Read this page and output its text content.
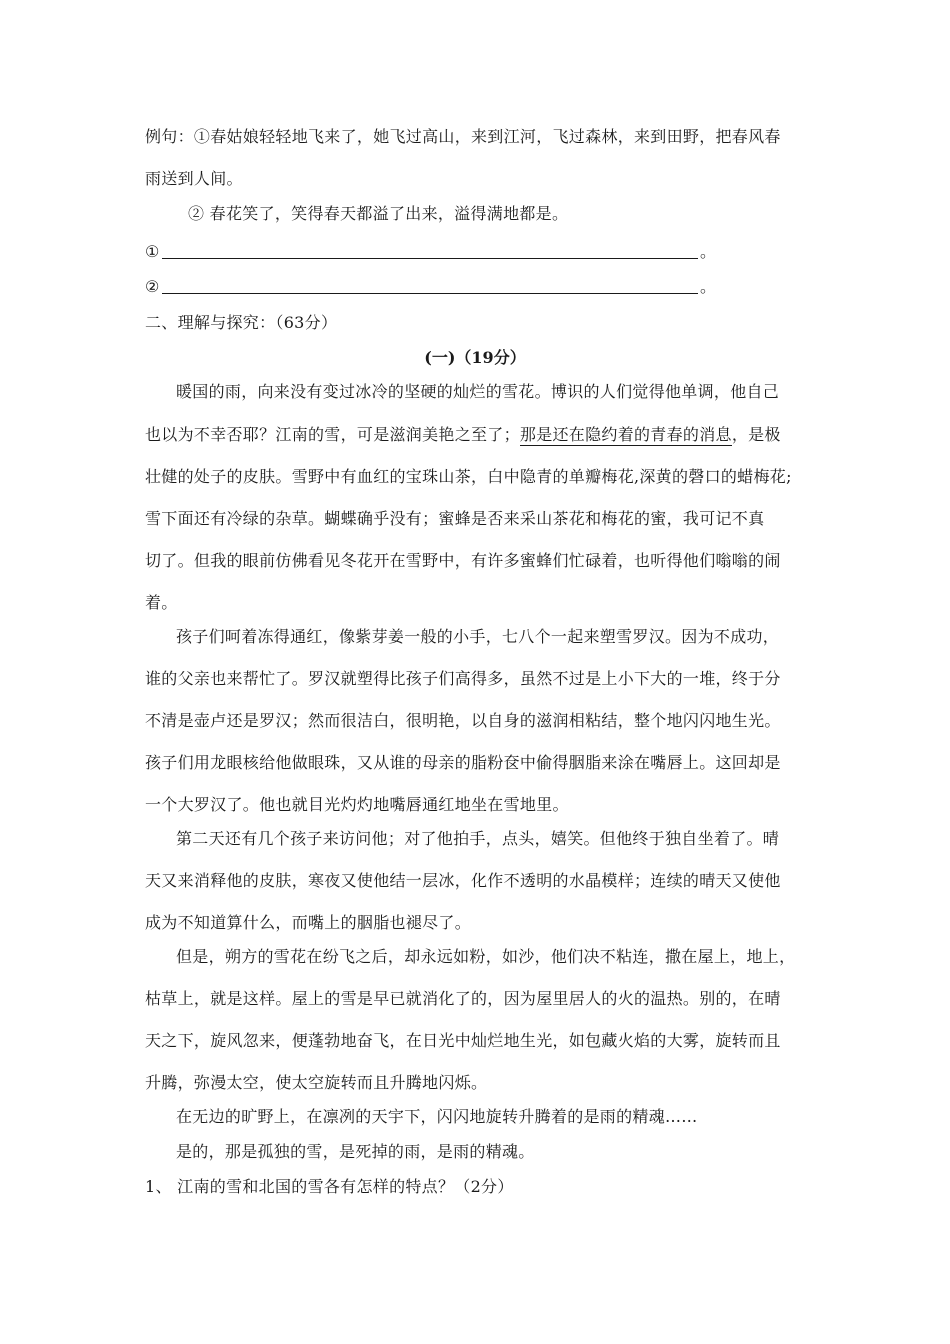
例句：①春姑娘轻轻地飞来了，她飞过高山，来到江河，飞过森林，来到田野，把春风春
雨送到人间。
② 春花笑了，笑得春天都溢了出来，溢得满地都是。
①	。
②	。
二、理解与探究：（63分）
(一)（19分）
暖国的雨，向来没有变过冰冷的坚硬的灿烂的雪花。博识的人们觉得他单调，他自己
也以为不幸否耶？江南的雪，可是滋润美艳之至了；那是还在隐约着的青春的消息，是极
壮健的处子的皮肤。雪野中有血红的宝珠山茶，白中隐青的单瓣梅花,深黄的磬口的蜡梅花;
雪下面还有冷绿的杂草。蝴蝶确乎没有；蜜蜂是否来采山茶花和梅花的蜜，我可记不真
切了。但我的眼前仿佛看见冬花开在雪野中，有许多蜜蜂们忙碌着，也听得他们嗡嗡的闹
着。
孩子们呵着冻得通红，像紫芽姜一般的小手，七八个一起来塑雪罗汉。因为不成功，
谁的父亲也来帮忙了。罗汉就塑得比孩子们高得多，虽然不过是上小下大的一堆，终于分
不清是壶卢还是罗汉；然而很洁白，很明艳，以自身的滋润相粘结，整个地闪闪地生光。
孩子们用龙眼核给他做眼珠，又从谁的母亲的脂粉奁中偷得胭脂来涂在嘴唇上。这回却是
一个大罗汉了。他也就目光灼灼地嘴唇通红地坐在雪地里。
第二天还有几个孩子来访问他；对了他拍手，点头，嬉笑。但他终于独自坐着了。晴
天又来消释他的皮肤，寒夜又使他结一层冰，化作不透明的水晶模样；连续的晴天又使他
成为不知道算什么，而嘴上的胭脂也褪尽了。
但是，朔方的雪花在纷飞之后，却永远如粉，如沙，他们决不粘连，撒在屋上，地上，
枯草上，就是这样。屋上的雪是早已就消化了的，因为屋里居人的火的温热。别的，在晴
天之下，旋风忽来，便蓬勃地奋飞，在日光中灿烂地生光，如包藏火焰的大雾，旋转而且
升腾，弥漫太空，使太空旋转而且升腾地闪烁。
在无边的旷野上，在凛冽的天宇下，闪闪地旋转升腾着的是雨的精魂……
是的，那是孤独的雪，是死掉的雨，是雨的精魂。
1、 江南的雪和北国的雪各有怎样的特点？（2分）
